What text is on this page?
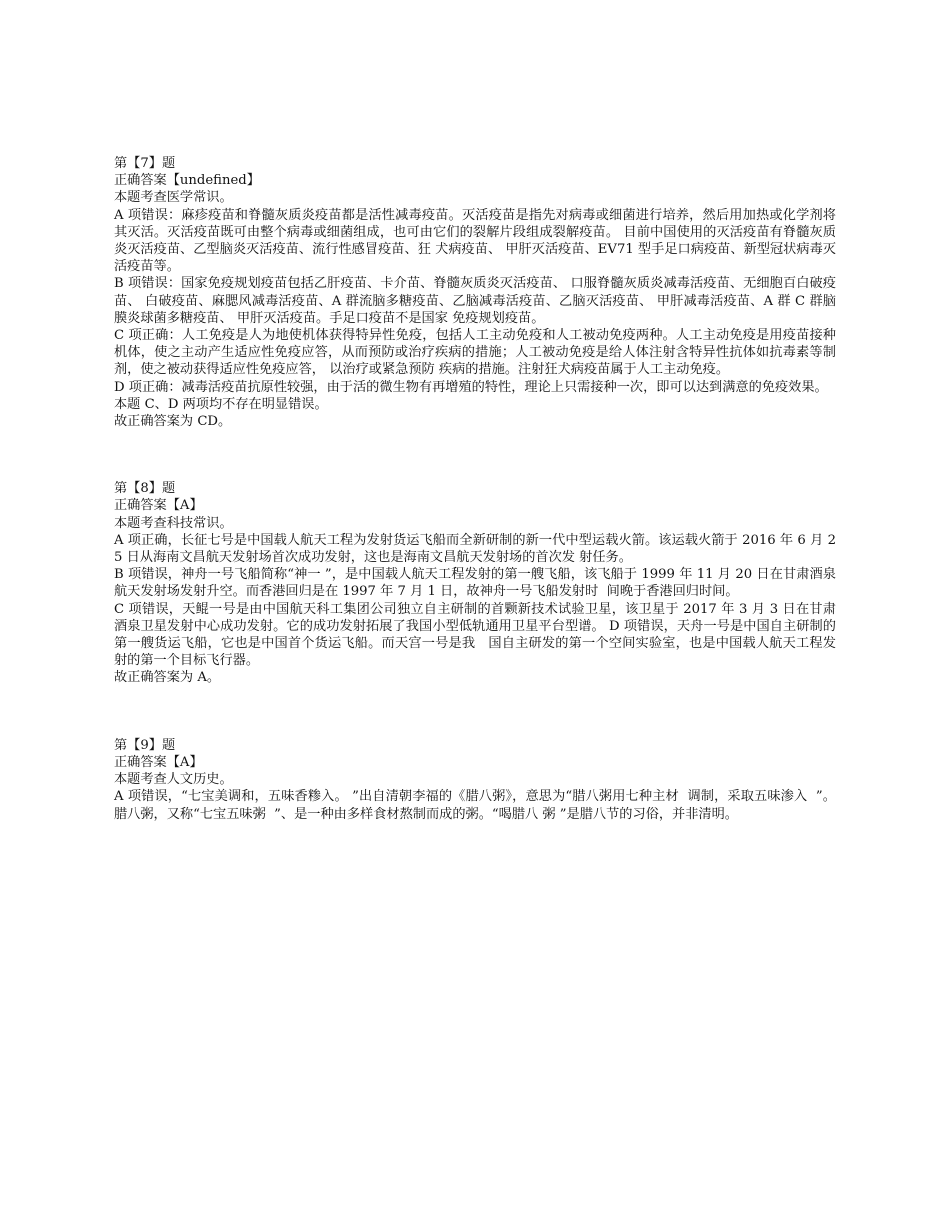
第【7】题

正确答案【undefined】

本题考查医学常识。

A 项错误：麻疹疫苗和脊髓灰质炎疫苗都是活性减毒疫苗。灭活疫苗是指先对病毒或细菌进行培养，然后用加热或化学剂将其灭活。灭活疫苗既可由整个病毒或细菌组成，也可由它们的裂解片段组成裂解疫苗。 目前中国使用的灭活疫苗有脊髓灰质炎灭活疫苗、乙型脑炎灭活疫苗、流行性感冒疫苗、狂 犬病疫苗、 甲肝灭活疫苗、EV71 型手足口病疫苗、新型冠状病毒灭活疫苗等。

B 项错误：国家免疫规划疫苗包括乙肝疫苗、卡介苗、脊髓灰质炎灭活疫苗、 口服脊髓灰质炎减毒活疫苗、无细胞百白破疫苗、 白破疫苗、麻腮风减毒活疫苗、A 群流脑多糖疫苗、乙脑减毒活疫苗、乙脑灭活疫苗、 甲肝减毒活疫苗、A 群 C 群脑膜炎球菌多糖疫苗、 甲肝灭活疫苗。手足口疫苗不是国家 免疫规划疫苗。

C 项正确：人工免疫是人为地使机体获得特异性免疫，包括人工主动免疫和人工被动免疫两种。人工主动免疫是用疫苗接种机体，使之主动产生适应性免疫应答，从而预防或治疗疾病的措施；人工被动免疫是给人体注射含特异性抗体如抗毒素等制剂，使之被动获得适应性免疫应答， 以治疗或紧急预防 疾病的措施。注射狂犬病疫苗属于人工主动免疫。

D 项正确：减毒活疫苗抗原性较强，由于活的微生物有再增殖的特性，理论上只需接种一次，即可以达到满意的免疫效果。

本题 C、D 两项均不存在明显错误。

故正确答案为 CD。

第【8】题

正确答案【A】

本题考查科技常识。

A 项正确，长征七号是中国载人航天工程为发射货运飞船而全新研制的新一代中型运载火箭。该运载火箭于 2016 年 6 月 25 日从海南文昌航天发射场首次成功发射，这也是海南文昌航天发射场的首次发 射任务。

B 项错误，神舟一号飞船简称“神一 ”，是中国载人航天工程发射的第一艘飞船，该飞船于 1999 年 11 月 20 日在甘肃酒泉航天发射场发射升空。而香港回归是在 1997 年 7 月 1 日，故神舟一号飞船发射时  间晚于香港回归时间。

C 项错误，天鲲一号是由中国航天科工集团公司独立自主研制的首颗新技术试验卫星，该卫星于 2017 年 3 月 3 日在甘肃酒泉卫星发射中心成功发射。它的成功发射拓展了我国小型低轨通用卫星平台型谱。 D 项错误，天舟一号是中国自主研制的第一艘货运飞船，它也是中国首个货运飞船。而天宫一号是我   国自主研发的第一个空间实验室，也是中国载人航天工程发射的第一个目标飞行器。

故正确答案为 A。

第【9】题

正确答案【A】

本题考查人文历史。

A 项错误，“七宝美调和，五味香糁入。 ”出自清朝李福的《腊八粥》，意思为“腊八粥用七种主材  调制，采取五味渗入  ”。腊八粥，又称“七宝五味粥  ”、是一种由多样食材熬制而成的粥。“喝腊八 粥 ”是腊八节的习俗，并非清明。
